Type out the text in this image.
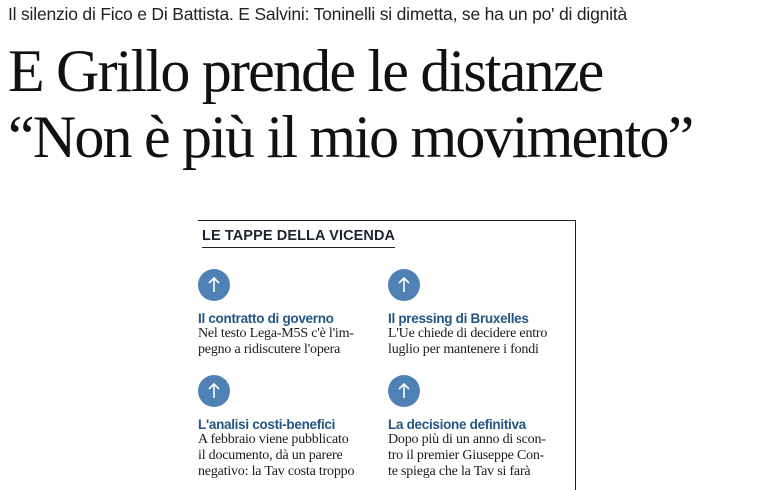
Il silenzio di Fico e Di Battista. E Salvini: Toninelli si dimetta, se ha un po' di dignità
E Grillo prende le distanze
“Non è più il mio movimento”
LE TAPPE DELLA VICENDA
Il contratto di governo
Nel testo Lega-M5S c'è l'im-
pegno a ridiscutere l'opera
Il pressing di Bruxelles
L'Ue chiede di decidere entro
luglio per mantenere i fondi
L'analisi costi-benefici
A febbraio viene pubblicato
il documento, dà un parere
negativo: la Tav costa troppo
La decisione definitiva
Dopo più di un anno di scon-
tro il premier Giuseppe Con-
te spiega che la Tav si farà
